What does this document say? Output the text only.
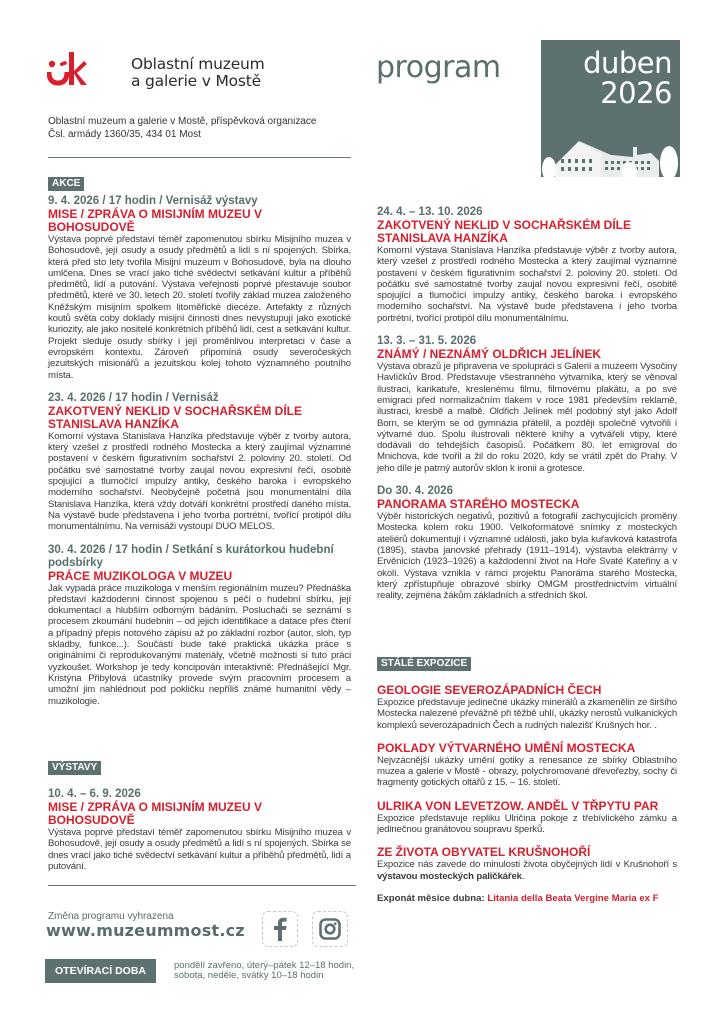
Oblastní muzeum
a galerie v Mostě
Oblastní muzeum a galerie v Mostě, příspěvková organizace
Čsl. armády 1360/35, 434 01 Most
program	duben
2026
AKCE
9. 4. 2026 / 17 hodin / Vernisáž výstavy
MISE / ZPRÁVA O MISIJNÍM MUZEU V BOHOSUDOVĚ
Výstava poprvé představí téměř zapomenutou sbírku Misijního muzea v Bohosudově, její osudy a osudy předmětů a lidí s ní spojených. Sbírka, která před sto lety tvořila Misijní muzeum v Bohosudově, byla na dlouho umlčena. Dnes se vrací jako tiché svědectví setkávání kultur a příběhů předmětů, lidí a putování. Výstava veřejnosti poprvé přestavuje soubor předmětů, které ve 30. letech 20. století tvořily základ muzea založeného Kněžským misijním spolkem litoměřické diecéze. Artefakty z různých koutů světa coby doklady misijní činnosti dnes nevystupují jako exotické kuriozity, ale jako nositelé konkrétních příběhů lidí, cest a setkávání kultur. Projekt sleduje osudy sbírky i její proměnlivou interpretaci v čase a evropském kontextu. Zároveň připomíná osudy severočeských jezuitských misionářů a jezuitskou kolej tohoto významného poutního místa.
23. 4. 2026 / 17 hodin / Vernisáž
ZAKOTVENÝ NEKLID V SOCHAŘSKÉM DÍLE STANISLAVA HANZÍKA
Komorní výstava Stanislava Hanzíka představuje výběr z tvorby autora, který vzešel z prostředí rodného Mostecka a který zaujímal významné postavení v českém figurativním sochařství 2. poloviny 20. století. Od počátku své samostatné tvorby zaujal novou expresivní řečí, osobitě spojující a tlumočící impulzy antiky, českého baroka i evropského moderního sochařství. Neobyčejně početná jsou monumentální díla Stanislava Hanzíka, která vždy dotváří konkrétní prostředí daného místa. Na výstavě bude představena i jeho tvorba portrétní, tvořící protipól dílu monumentálnímu. Na vernisáži vystoupí DUO MELOS.
30. 4. 2026 / 17 hodin / Setkání s kurátorkou hudební podsbírky
PRÁCE MUZIKOLOGA V MUZEU
Jak vypadá práce muzikologa v menším regionálním muzeu? Přednáška představí každodenní činnost spojenou s péčí o hudební sbírku, její dokumentací a hlubším odborným bádáním. Posluchači se seznámí s procesem zkoumání hudebnin – od jejich identifikace a datace přes čtení a případný přepis notového zápisu až po základní rozbor (autor, sloh, typ skladby, funkce...). Součástí bude také praktická ukázka práce s originálními či reprodukovanými materiály, včetně možnosti si tuto práci vyzkoušet. Workshop je tedy koncipován interaktivně: Přednášející Mgr. Kristýna Přibylová účastníky provede svým pracovním procesem a umožní jim nahlédnout pod pokličku nepříliš známé humanitní vědy – muzikologie.
VÝSTAVY
10. 4. – 6. 9. 2026
MISE / ZPRÁVA O MISIJNÍM MUZEU V BOHOSUDOVĚ
Výstava poprvé představí téměř zapomenutou sbírku Misijního muzea v Bohosudově, její osudy a osudy předmětů a lidí s ní spojených. Sbírka se dnes vrací jako tiché svědectví setkávání kultur a příběhů předmětů, lidí a putování.
24. 4. – 13. 10. 2026
ZAKOTVENÝ NEKLID V SOCHAŘSKÉM DÍLE STANISLAVA HANZÍKA
Komorní výstava Stanislava Hanzíka představuje výběr z tvorby autora, který vzešel z prostředí rodného Mostecka a který zaujímal významné postavení v českém figurativním sochařství 2. poloviny 20. století. Od počátku své samostatné tvorby zaujal novou expresivní řečí, osobitě spojující a tlumočící impulzy antiky, českého baroka i evropského moderního sochařství. Na výstavě bude představena i jeho tvorba portrétní, tvořící protipól dílu monumentálnímu.
13. 3. – 31. 5. 2026
ZNÁMÝ / NEZNÁMÝ OLDŘICH JELÍNEK
Výstava obrazů je připravena ve spolupráci s Galerií a muzeem Vysočiny Havlíčkův Brod. Představuje všestranného výtvarníka, který se věnoval ilustraci, karikatuře, kreslenému filmu, filmovému plakátu, a po své emigraci před normalizačním tlakem v roce 1981 především reklamě, ilustraci, kresbě a malbě. Oldřich Jelínek měl podobný styl jako Adolf Born, se kterým se od gymnázia přátelil, a později společně vytvořili i výtvarné duo. Spolu ilustrovali některé knihy a vytvářeli vtipy, které dodávali do tehdejších časopisů. Počátkem 80. let emigroval do Mnichova, kde tvořil a žil do roku 2020, kdy se vrátil zpět do Prahy. V jeho díle je patrný autorův sklon k ironii a grotesce.
Do 30. 4. 2026
PANORAMA STARÉHO MOSTECKA
Výběr historických negativů, pozitivů a fotografií zachycujících proměny Mostecka kolem roku 1900. Velkoformátové snímky z mosteckých ateliérů dokumentují i významné události, jako byla kuřavková katastrofa (1895), stavba janovské přehrady (1911–1914), výstavba elektrárny v Ervěnicích (1923–1926) a každodenní život na Hoře Svaté Kateřiny a v okolí. Výstava vznikla v rámci projektu Panoráma starého Mostecka, který zpřístupňuje obrazové sbírky OMGM prostřednictvím virtuální reality, zejména žákům základních a středních škol.
STÁLÉ EXPOZICE
GEOLOGIE SEVEROZÁPADNÍCH ČECH
Expozice představuje jedinečné ukázky minerálů a zkamenělin ze širšího Mostecka nalezené převážně při těžbě uhlí, ukázky nerostů vulkanických komplexů severozápadních Čech a rudných nalezišť Krušných hor. .
POKLADY VÝTVARNÉHO UMĚNÍ MOSTECKA
Nejvzácnější ukázky umění gotiky a renesance ze sbírky Oblastního muzea a galerie v Mostě - obrazy, polychromované dřevořezby, sochy či fragmenty gotických oltářů z 15. – 16. století.
ULRIKA VON LEVETZOW. ANDĚL V TŘPYTU PAR
Expozice představuje repliku Ulričina pokoje z třebívlického zámku a jedinečnou granátovou soupravu šperků.
ZE ŽIVOTA OBYVATEL KRUŠNOHOŘÍ
Expozice nás zavede do minulosti života obyčejných lidí v Krušnohoří s výstavou mosteckých paličkářek.
Exponát měsíce dubna: Litania della Beata Vergine Maria ex F
Změna programu vyhrazena
www.muzeummost.cz
OTEVÍRACÍ DOBA	pondělí zavřeno, úterý–pátek 12–18 hodin,
sobota, neděle, svátky 10–18 hodin
